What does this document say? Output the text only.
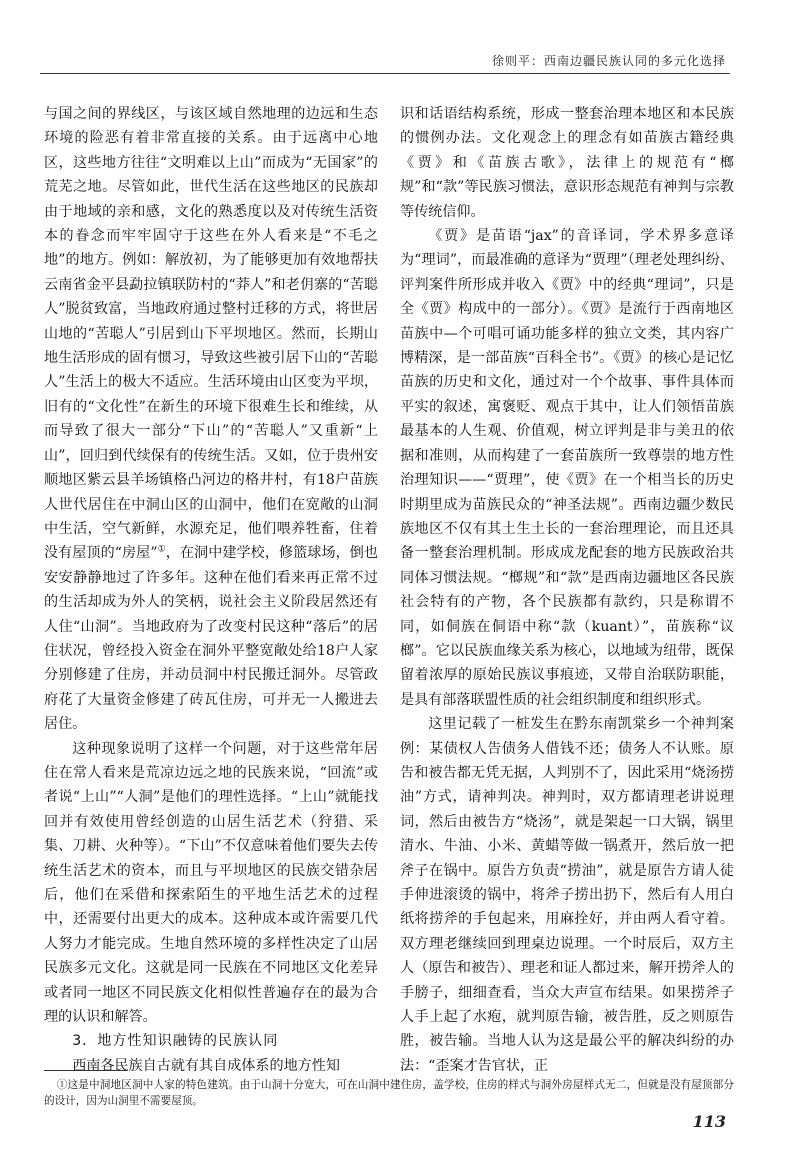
徐则平：西南边疆民族认同的多元化选择

与国之间的界线区，与该区域自然地理的边远和生态环境的险恶有着非常直接的关系。由于远离中心地区，这些地方往往“文明难以上山”而成为“无国家”的荒芜之地。尽管如此，世代生活在这些地区的民族却由于地域的亲和感，文化的熟悉度以及对传统生活资本的眷念而牢牢固守于这些在外人看来是“不毛之地”的地方。例如：解放初，为了能够更加有效地帮扶云南省金平县勐拉镇联防村的“莽人”和老仴寨的“苦聪人”脱贫致富，当地政府通过整村迁移的方式，将世居山地的“苦聪人”引居到山下平坝地区。然而，长期山地生活形成的固有惯习，导致这些被引居下山的“苦聪人”生活上的极大不适应。生活环境由山区变为平坝，旧有的“文化性”在新生的环境下很难生长和维续，从而导致了很大一部分“下山”的“苦聪人”又重新“上山”，回归到代续保有的传统生活。又如，位于贵州安顺地区紫云县羊场镇格凸河边的格井村，有18户苗族人世代居住在中洞山区的山洞中，他们在宽敞的山洞中生活，空气新鲜，水源充足，他们喂养牲畜，住着没有屋顶的“房屋”①，在洞中建学校，修篮球场，倒也安安静静地过了许多年。这种在他们看来再正常不过的生活却成为外人的笑柄，说社会主义阶段居然还有人住“山洞”。当地政府为了改变村民这种“落后”的居住状况，曾经投入资金在洞外平整宽敞处给18户人家分别修建了住房，并动员洞中村民搬迁洞外。尽管政府花了大量资金修建了砖瓦住房，可并无一人搬进去居住。

这种现象说明了这样一个问题，对于这些常年居住在常人看来是荒凉边远之地的民族来说，“回流”或者说“上山”“人洞”是他们的理性选择。“上山”就能找回并有效使用曾经创造的山居生活艺术（狩猎、采集、刀耕、火种等）。“下山”不仅意味着他们要失去传统生活艺术的资本，而且与平坝地区的民族交错杂居后，他们在采借和探索陌生的平地生活艺术的过程中，还需要付出更大的成本。这种成本或许需要几代人努力才能完成。生地自然环境的多样性决定了山居民族多元文化。这就是同一民族在不同地区文化差异或者同一地区不同民族文化相似性普遍存在的最为合理的认识和解答。

3．地方性知识融铸的民族认同

西南各民族自古就有其自成体系的地方性知

识和话语结构系统，形成一整套治理本地区和本民族的惯例办法。文化观念上的理念有如苗族古籍经典《贾》和《苗族古歌》，法律上的规范有“榔规”和“款”等民族习惯法，意识形态规范有神判与宗教等传统信仰。

《贾》是苗语“jax”的音译词，学术界多意译为“理词”，而最准确的意译为“贾理”（理老处理纠纷、评判案件所形成并收入《贾》中的经典“理词”，只是全《贾》构成中的一部分）。《贾》是流行于西南地区苗族中—个可唱可诵功能多样的独立文类，其内容广博精深，是一部苗族“百科全书”。《贾》的核心是记忆苗族的历史和文化，通过对一个个故事、事件具体而平实的叙述，寓褒贬、观点于其中，让人们领悟苗族最基本的人生观、价值观，树立评判是非与美丑的依据和准则，从而构建了一套苗族所一致尊崇的地方性治理知识——“贾理”，使《贾》在一个相当长的历史时期里成为苗族民众的“神圣法规”。西南边疆少数民族地区不仅有其土生土长的一套治理理论，而且还具备一整套治理机制。形成成龙配套的地方民族政治共同体习惯法规。“榔规”和“款”是西南边疆地区各民族社会特有的产物，各个民族都有款约，只是称谓不同，如侗族在侗语中称“款（kuant）”，苗族称“议榔”。它以民族血缘关系为核心，以地域为纽带，既保留着浓厚的原始民族议事痕迹，又带自治联防职能，是具有部落联盟性质的社会组织制度和组织形式。

这里记载了一桩发生在黔东南凯棠乡一个神判案例：某债权人告债务人借钱不还；债务人不认账。原告和被告都无凭无据，人判别不了，因此采用“烧汤捞油”方式，请神判决。神判时，双方都请理老讲说理词，然后由被告方“烧汤”，就是架起一口大锅，锅里清水、牛油、小米、黄蜡等做一锅煮开，然后放一把斧子在锅中。原告方负责“捞油”，就是原告方请人徒手伸进滚烫的锅中，将斧子捞出扔下，然后有人用白纸将捞斧的手包起来，用麻拴好，并由两人看守着。双方理老继续回到理桌边说理。一个时辰后，双方主人（原告和被告）、理老和证人都过来，解开捞斧人的手膀子，细细查看，当众大声宣布结果。如果捞斧子人手上起了水疱，就判原告输，被告胜，反之则原告胜，被告输。当地人认为这是最公平的解决纠纷的办法：“歪案才告官状，正

①这是中洞地区洞中人家的特色建筑。由于山洞十分宽大，可在山洞中建住房，盖学校，住房的样式与洞外房屋样式无二，但就是没有屋顶部分的设计，因为山洞里不需要屋顶。

113
